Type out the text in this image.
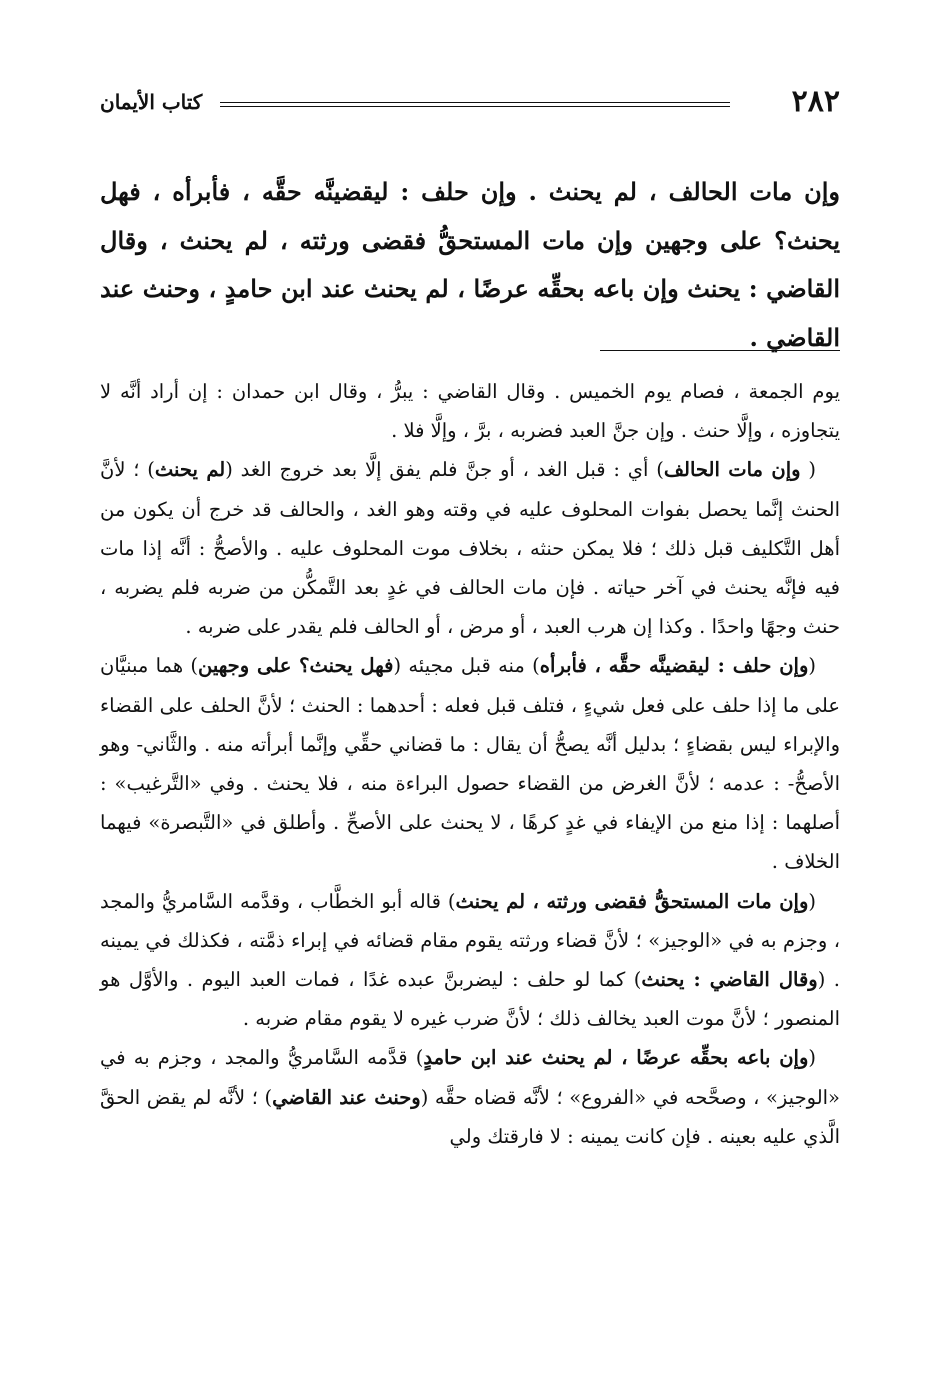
٢٨٢
كتاب الأيمان
وإن مات الحالف ، لم يحنث . وإن حلف : ليقضينَّه حقَّه ، فأبرأه ، فهل يحنث؟ على وجهين وإن مات المستحقُّ فقضى ورثته ، لم يحنث ، وقال القاضي : يحنث وإن باعه بحقِّه عرضًا ، لم يحنث عند ابن حامدٍ ، وحنث عند القاضي .

يوم الجمعة ، فصام يوم الخميس . وقال القاضي : يبرُّ ، وقال ابن حمدان : إن أراد أنَّه لا يتجاوزه ، وإلَّا حنث . وإن جنَّ العبد فضربه ، برَّ ، وإلَّا فلا .

( وإن مات الحالف) أي : قبل الغد ، أو جنَّ فلم يفق إلَّا بعد خروج الغد (لم يحنث) ؛ لأنَّ الحنث إنَّما يحصل بفوات المحلوف عليه في وقته وهو الغد ، والحالف قد خرج أن يكون من أهل التَّكليف قبل ذلك ؛ فلا يمكن حنثه ، بخلاف موت المحلوف عليه . والأصحُّ : أنَّه إذا مات فيه فإنَّه يحنث في آخر حياته . فإن مات الحالف في غدٍ بعد التَّمكُّن من ضربه فلم يضربه ، حنث وجهًا واحدًا . وكذا إن هرب العبد ، أو مرض ، أو الحالف فلم يقدر على ضربه .

(وإن حلف : ليقضينَّه حقَّه ، فأبرأه) منه قبل مجيئه (فهل يحنث؟ على وجهين) هما مبنيَّان على ما إذا حلف على فعل شيءٍ ، فتلف قبل فعله : أحدهما : الحنث ؛ لأنَّ الحلف على القضاء والإبراء ليس بقضاءٍ ؛ بدليل أنَّه يصحُّ أن يقال : ما قضاني حقِّي وإنَّما أبرأته منه . والثَّاني- وهو الأصحُّ- : عدمه ؛ لأنَّ الغرض من القضاء حصول البراءة منه ، فلا يحنث . وفي «التَّرغيب» : أصلهما : إذا منع من الإيفاء في غدٍ كرهًا ، لا يحنث على الأصحِّ . وأطلق في «التَّبصرة» فيهما الخلاف .

(وإن مات المستحقُّ فقضى ورثته ، لم يحنث) قاله أبو الخطَّاب ، وقدَّمه السَّامريُّ والمجد ، وجزم به في «الوجيز» ؛ لأنَّ قضاء ورثته يقوم مقام قضائه في إبراء ذمَّته ، فكذلك في يمينه . (وقال القاضي : يحنث) كما لو حلف : ليضربنَّ عبده غدًا ، فمات العبد اليوم . والأوَّل هو المنصور ؛ لأنَّ موت العبد يخالف ذلك ؛ لأنَّ ضرب غيره لا يقوم مقام ضربه .

(وإن باعه بحقِّه عرضًا ، لم يحنث عند ابن حامدٍ) قدَّمه السَّامريُّ والمجد ، وجزم به في «الوجيز» ، وصحَّحه في «الفروع» ؛ لأنَّه قضاه حقَّه (وحنث عند القاضي) ؛ لأنَّه لم يقض الحقَّ الَّذي عليه بعينه . فإن كانت يمينه : لا فارقتك ولي
